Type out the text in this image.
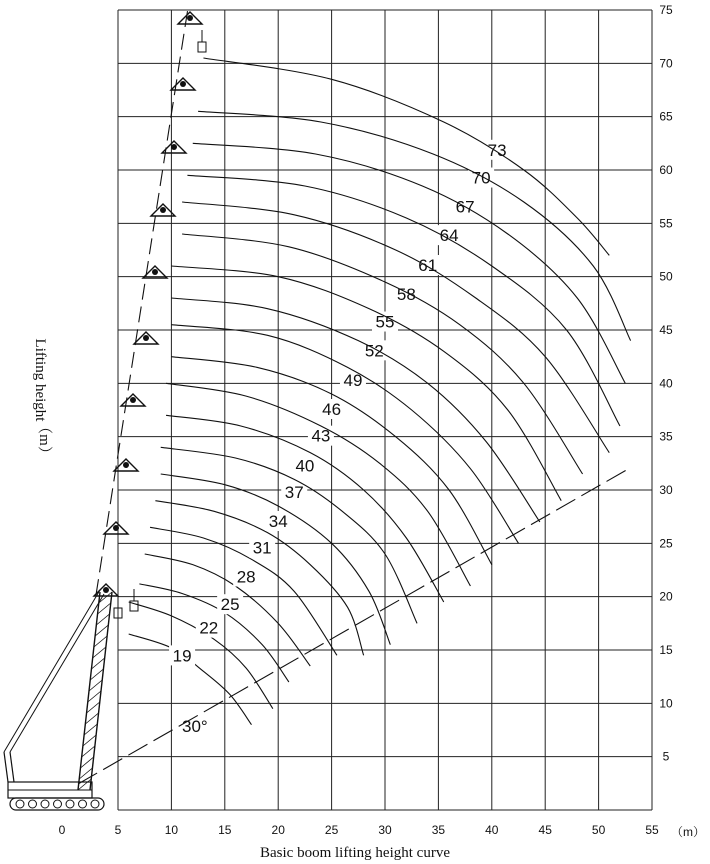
5
10
15
20
25
30
35
40
45
50
55
60
65
70
75
0	5	10	15	20	25	30	35	40	45	50	55
30°
19
22
25
28
31
34
37
40
43
46
49
52
55
58
61
64
67
70
73
Basic boom lifting height curve
（m）
Lifting height
（m）
